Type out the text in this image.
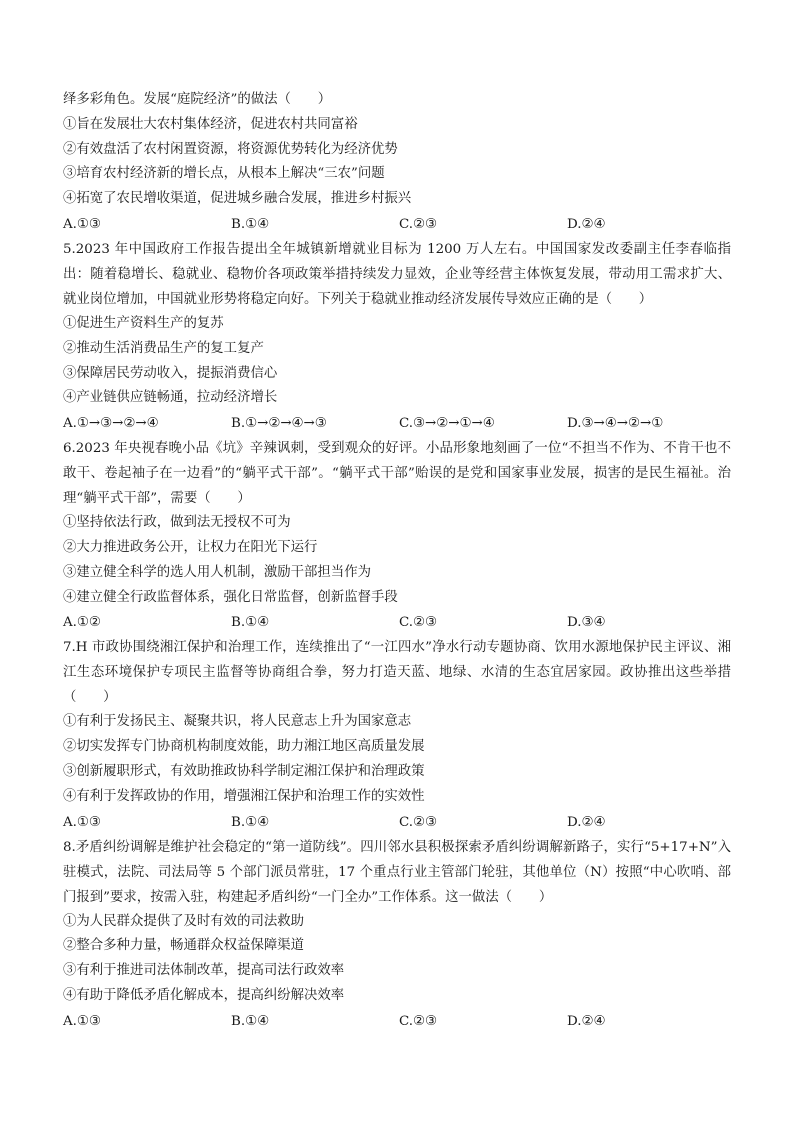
绎多彩角色。发展“庭院经济”的做法（　　）
①旨在发展壮大农村集体经济，促进农村共同富裕
②有效盘活了农村闲置资源，将资源优势转化为经济优势
③培育农村经济新的增长点，从根本上解决“三农”问题
④拓宽了农民增收渠道，促进城乡融合发展，推进乡村振兴
A.①③	B.①④	C.②③	D.②④
5.2023 年中国政府工作报告提出全年城镇新增就业目标为 1200 万人左右。中国国家发改委副主任李春临指出：随着稳增长、稳就业、稳物价各项政策举措持续发力显效，企业等经营主体恢复发展，带动用工需求扩大、就业岗位增加，中国就业形势将稳定向好。下列关于稳就业推动经济发展传导效应正确的是（　　）
①促进生产资料生产的复苏
②推动生活消费品生产的复工复产
③保障居民劳动收入，提振消费信心
④产业链供应链畅通，拉动经济增长
A.①→③→②→④	B.①→②→④→③	C.③→②→①→④	D.③→④→②→①
6.2023 年央视春晚小品《坑》辛辣讽刺，受到观众的好评。小品形象地刻画了一位“不担当不作为、不肯干也不敢干、卷起袖子在一边看”的“躺平式干部”。“躺平式干部”贻误的是党和国家事业发展，损害的是民生福祉。治理“躺平式干部”，需要（　　）
①坚持依法行政，做到法无授权不可为
②大力推进政务公开，让权力在阳光下运行
③建立健全科学的选人用人机制，激励干部担当作为
④建立健全行政监督体系，强化日常监督，创新监督手段
A.①②	B.①④	C.②③	D.③④
7.H 市政协围绕湘江保护和治理工作，连续推出了“一江四水”净水行动专题协商、饮用水源地保护民主评议、湘江生态环境保护专项民主监督等协商组合拳，努力打造天蓝、地绿、水清的生态宜居家园。政协推出这些举措（　　）
①有利于发扬民主、凝聚共识，将人民意志上升为国家意志
②切实发挥专门协商机构制度效能，助力湘江地区高质量发展
③创新履职形式，有效助推政协科学制定湘江保护和治理政策
④有利于发挥政协的作用，增强湘江保护和治理工作的实效性
A.①③	B.①④	C.②③	D.②④
8.矛盾纠纷调解是维护社会稳定的“第一道防线”。四川邻水县积极探索矛盾纠纷调解新路子，实行“5+17+N”入驻模式，法院、司法局等 5 个部门派员常驻，17 个重点行业主管部门轮驻，其他单位（N）按照“中心吹哨、部门报到”要求，按需入驻，构建起矛盾纠纷“一门全办”工作体系。这一做法（　　）
①为人民群众提供了及时有效的司法救助
②整合多种力量，畅通群众权益保障渠道
③有利于推进司法体制改革，提高司法行政效率
④有助于降低矛盾化解成本，提高纠纷解决效率
A.①③	B.①④	C.②③	D.②④
